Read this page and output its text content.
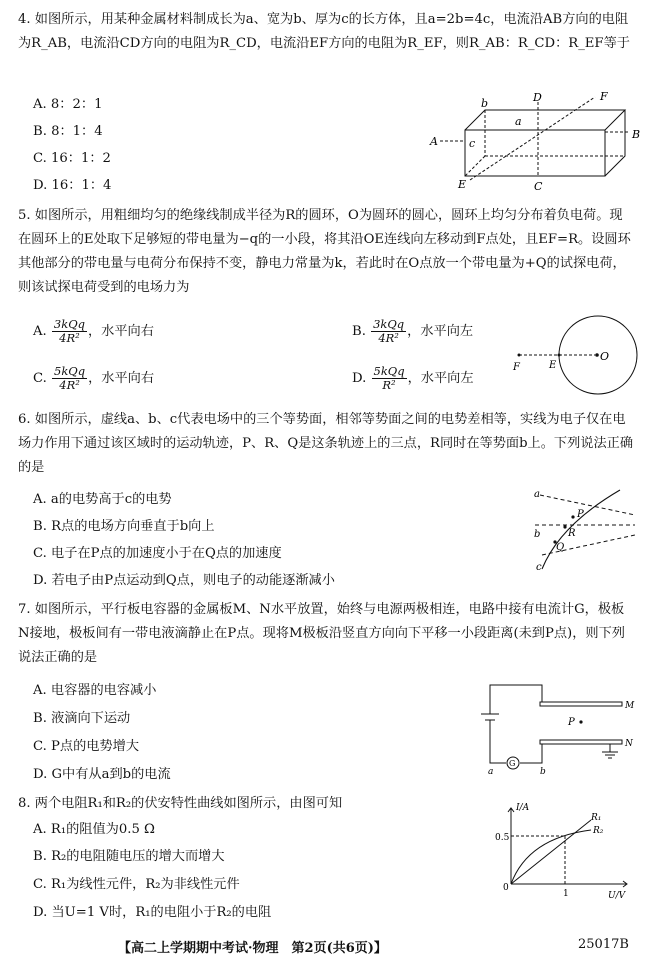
4. 如图所示，用某种金属材料制成长为a、宽为b、厚为c的长方体，且a=2b=4c，电流沿AB方向的电阻为R_AB，电流沿CD方向的电阻为R_CD，电流沿EF方向的电阻为R_EF，则R_AB：R_CD：R_EF等于
A. 8：2：1
B. 8：1：4
C. 16：1：2
D. 16：1：4
A
B
C
D
E
F
b
a
c
5. 如图所示，用粗细均匀的绝缘线制成半径为R的圆环，O为圆环的圆心，圆环上均匀分布着负电荷。现在圆环上的E处取下足够短的带电量为−q的一小段，将其沿OE连线向左移动到F点处，且EF=R。设圆环其他部分的带电量与电荷分布保持不变，静电力常量为k，若此时在O点放一个带电量为+Q的试探电荷，则该试探电荷受到的电场力为
A. $\frac{\text{3kQq}}{\text{4R²}}$ ，水平向右	B. $\frac{\text{3kQq}}{\text{4R²}}$ ，水平向左
C. $\frac{\text{5kQq}}{\text{4R²}}$ ，水平向右	D. $\frac{\text{5kQq}}{\text{R²}}$ ，水平向左
F	E
O
6. 如图所示，虚线a、b、c代表电场中的三个等势面，相邻等势面之间的电势差相等，实线为电子仅在电场力作用下通过该区域时的运动轨迹，P、R、Q是这条轨迹上的三点，R同时在等势面b上。下列说法正确的是
A. a的电势高于c的电势
B. R点的电场方向垂直于b向上
C. 电子在P点的加速度小于在Q点的加速度
D. 若电子由P点运动到Q点，则电子的动能逐渐减小
a
b
c
P
R
Q
7. 如图所示，平行板电容器的金属板M、N水平放置，始终与电源两极相连，电路中接有电流计G，极板N接地，极板间有一带电液滴静止在P点。现将M极板沿竖直方向向下平移一小段距离(未到P点)，则下列说法正确的是
A. 电容器的电容减小
B. 液滴向下运动
C. P点的电势增大
D. G中有从a到b的电流
M
N
P
G
a	b
8. 两个电阻R₁和R₂的伏安特性曲线如图所示，由图可知
A. R₁的阻值为0.5 Ω
B. R₂的电阻随电压的增大而增大
C. R₁为线性元件，R₂为非线性元件
D. 当U=1 V时，R₁的电阻小于R₂的电阻
I/A
U/V
0
0.5
1
R₁
R₂
【高二上学期期中考试·物理　第2页(共6页)】	25017B
